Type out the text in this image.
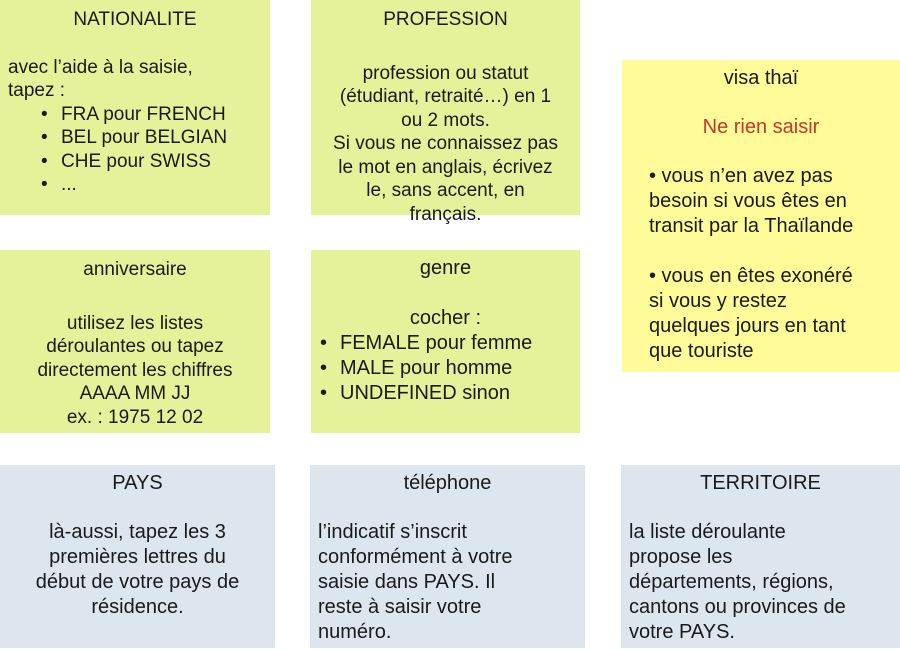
NATIONALITE

avec l’aide à la saisie,

tapez :

• FRA pour FRENCH
• BEL pour BELGIAN
• CHE pour SWISS
• ...

PROFESSION

profession ou statut

(étudiant, retraité…) en 1

ou 2 mots.

Si vous ne connaissez pas

le mot en anglais, écrivez

le, sans accent, en

français.

visa thaï

Ne rien saisir

• vous n’en avez pas

besoin si vous êtes en

transit par la Thaïlande

• vous en êtes exonéré

si vous y restez

quelques jours en tant

que touriste

anniversaire

utilisez les listes

déroulantes ou tapez

directement les chiffres

AAAA MM JJ

ex. : 1975 12 02

genre

cocher :

• FEMALE pour femme
• MALE pour homme
• UNDEFINED sinon

PAYS

là-aussi, tapez les 3

premières lettres du

début de votre pays de

résidence.

téléphone

l’indicatif s’inscrit

conformément à votre

saisie dans PAYS. Il

reste à saisir votre

numéro.

TERRITOIRE

la liste déroulante

propose les

départements, régions,

cantons ou provinces de

votre PAYS.
